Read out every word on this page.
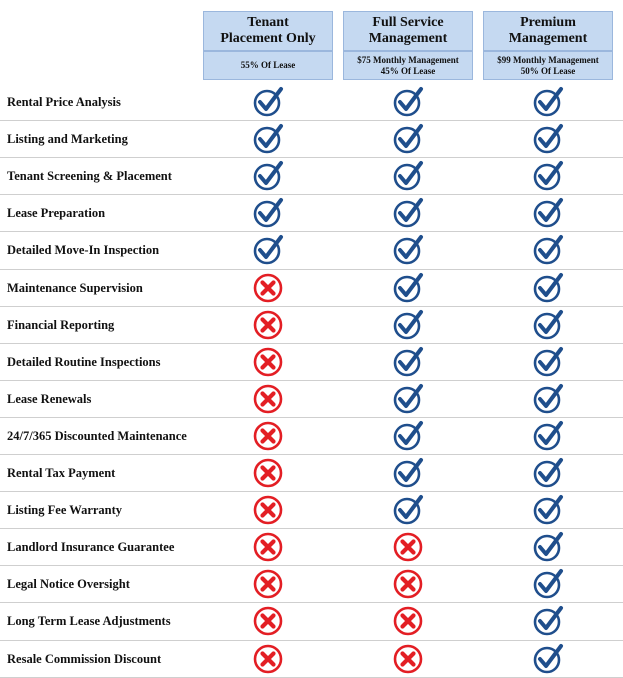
Tenant
Placement Only
55% Of Lease
Full Service
Management
$75 Monthly Management
45% Of Lease
Premium
Management
$99 Monthly Management
50% Of Lease
Rental Price Analysis
Listing and Marketing
Tenant Screening & Placement
Lease Preparation
Detailed Move-In Inspection
Maintenance Supervision
Financial Reporting
Detailed Routine Inspections
Lease Renewals
24/7/365 Discounted Maintenance
Rental Tax Payment
Listing Fee Warranty
Landlord Insurance Guarantee
Legal Notice Oversight
Long Term Lease Adjustments
Resale Commission Discount
